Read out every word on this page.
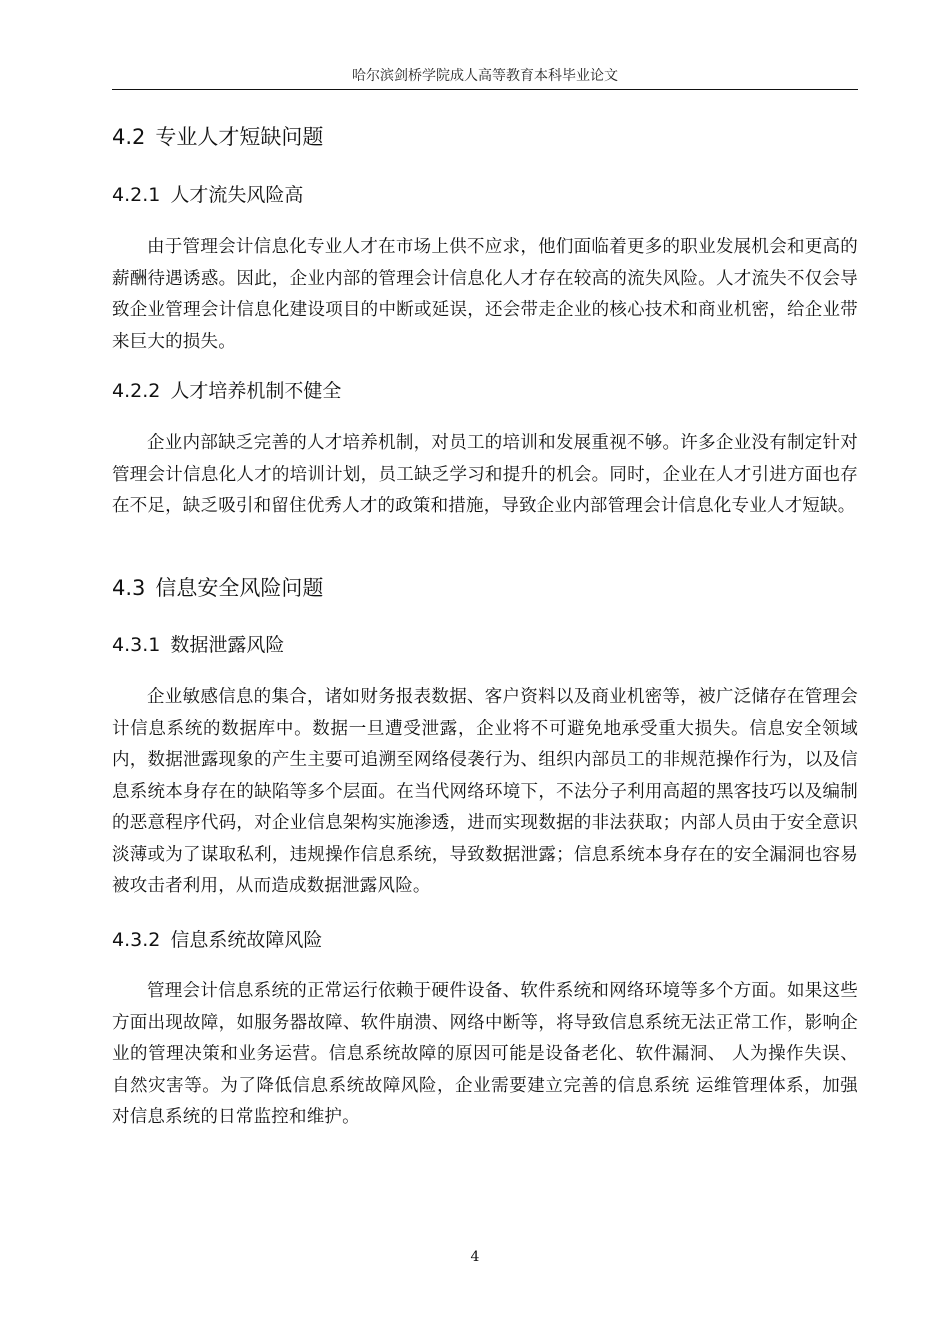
哈尔滨剑桥学院成人高等教育本科毕业论文
4.2 专业人才短缺问题
4.2.1 人才流失风险高

由于管理会计信息化专业人才在市场上供不应求，他们面临着更多的职业发展机会和更高的薪酬待遇诱惑。因此，企业内部的管理会计信息化人才存在较高的流失风险。人才流失不仅会导致企业管理会计信息化建设项目的中断或延误，还会带走企业的核心技术和商业机密，给企业带来巨大的损失。

4.2.2 人才培养机制不健全

企业内部缺乏完善的人才培养机制，对员工的培训和发展重视不够。许多企业没有制定针对管理会计信息化人才的培训计划，员工缺乏学习和提升的机会。同时，企业在人才引进方面也存在不足，缺乏吸引和留住优秀人才的政策和措施，导致企业内部管理会计信息化专业人才短缺。

4.3 信息安全风险问题
4.3.1 数据泄露风险

企业敏感信息的集合，诸如财务报表数据、客户资料以及商业机密等，被广泛储存在管理会计信息系统的数据库中。数据一旦遭受泄露，企业将不可避免地承受重大损失。信息安全领域内，数据泄露现象的产生主要可追溯至网络侵袭行为、组织内部员工的非规范操作行为，以及信息系统本身存在的缺陷等多个层面。在当代网络环境下，不法分子利用高超的黑客技巧以及编制的恶意程序代码，对企业信息架构实施渗透，进而实现数据的非法获取；内部人员由于安全意识淡薄或为了谋取私利，违规操作信息系统，导致数据泄露；信息系统本身存在的安全漏洞也容易被攻击者利用，从而造成数据泄露风险。

4.3.2 信息系统故障风险

管理会计信息系统的正常运行依赖于硬件设备、软件系统和网络环境等多个方面。如果这些方面出现故障，如服务器故障、软件崩溃、网络中断等，将导致信息系统无法正常工作，影响企业的管理决策和业务运营。信息系统故障的原因可能是设备老化、软件漏洞、 人为操作失误、自然灾害等。为了降低信息系统故障风险，企业需要建立完善的信息系统 运维管理体系，加强对信息系统的日常监控和维护。

4
